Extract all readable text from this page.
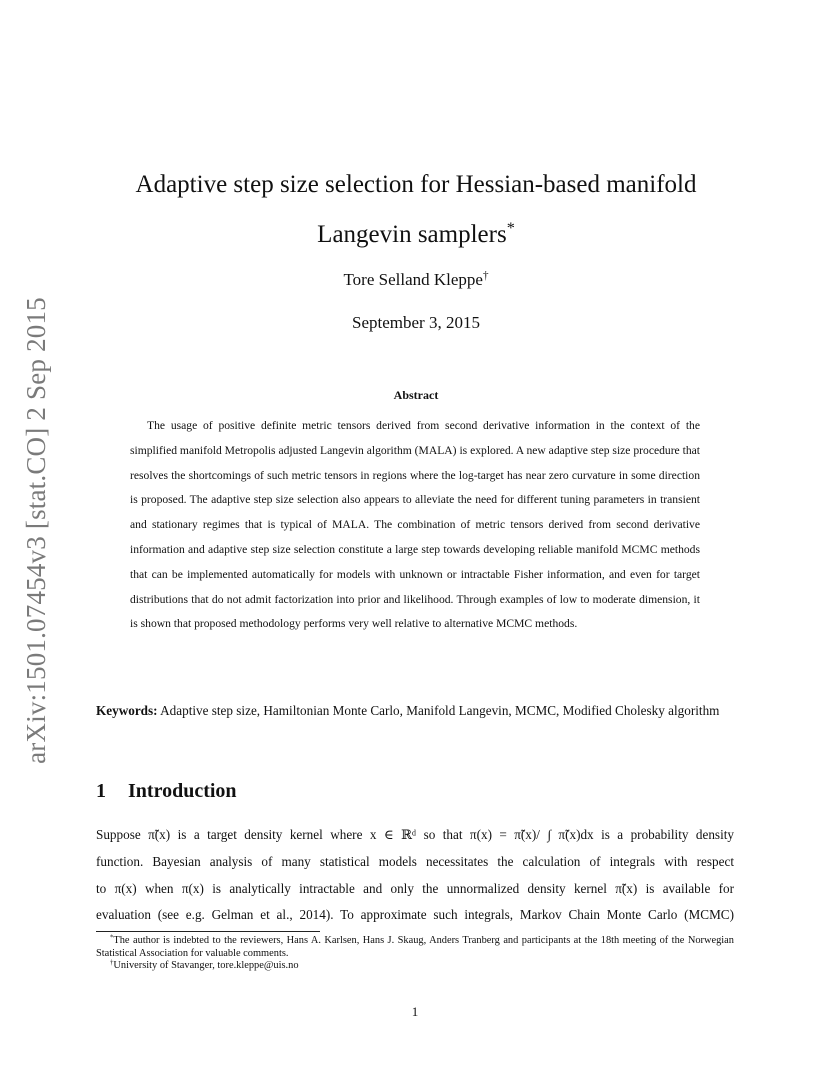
arXiv:1501.07454v3 [stat.CO] 2 Sep 2015
Adaptive step size selection for Hessian-based manifold Langevin samplers*
Tore Selland Kleppe†
September 3, 2015
Abstract

The usage of positive definite metric tensors derived from second derivative information in the context of the simplified manifold Metropolis adjusted Langevin algorithm (MALA) is explored. A new adaptive step size procedure that resolves the shortcomings of such metric tensors in regions where the log-target has near zero curvature in some direction is proposed. The adaptive step size selection also appears to alleviate the need for different tuning parameters in transient and stationary regimes that is typical of MALA. The combination of metric tensors derived from second derivative information and adaptive step size selection constitute a large step towards developing reliable manifold MCMC methods that can be implemented automatically for models with unknown or intractable Fisher information, and even for target distributions that do not admit factorization into prior and likelihood. Through examples of low to moderate dimension, it is shown that proposed methodology performs very well relative to alternative MCMC methods.

Keywords: Adaptive step size, Hamiltonian Monte Carlo, Manifold Langevin, MCMC, Modified Cholesky algorithm

1 Introduction

Suppose π̃(x) is a target density kernel where x ∈ ℝᵈ so that π(x) = π̃(x)/ ∫ π̃(x)dx is a probability density
function. Bayesian analysis of many statistical models necessitates the calculation of integrals with respect
to π(x) when π(x) is analytically intractable and only the unnormalized density kernel π̃(x) is available for
evaluation (see e.g. Gelman et al., 2014). To approximate such integrals, Markov Chain Monte Carlo (MCMC)

*The author is indebted to the reviewers, Hans A. Karlsen, Hans J. Skaug, Anders Tranberg and participants at the 18th meeting of the Norwegian Statistical Association for valuable comments.

†University of Stavanger, tore.kleppe@uis.no

1
